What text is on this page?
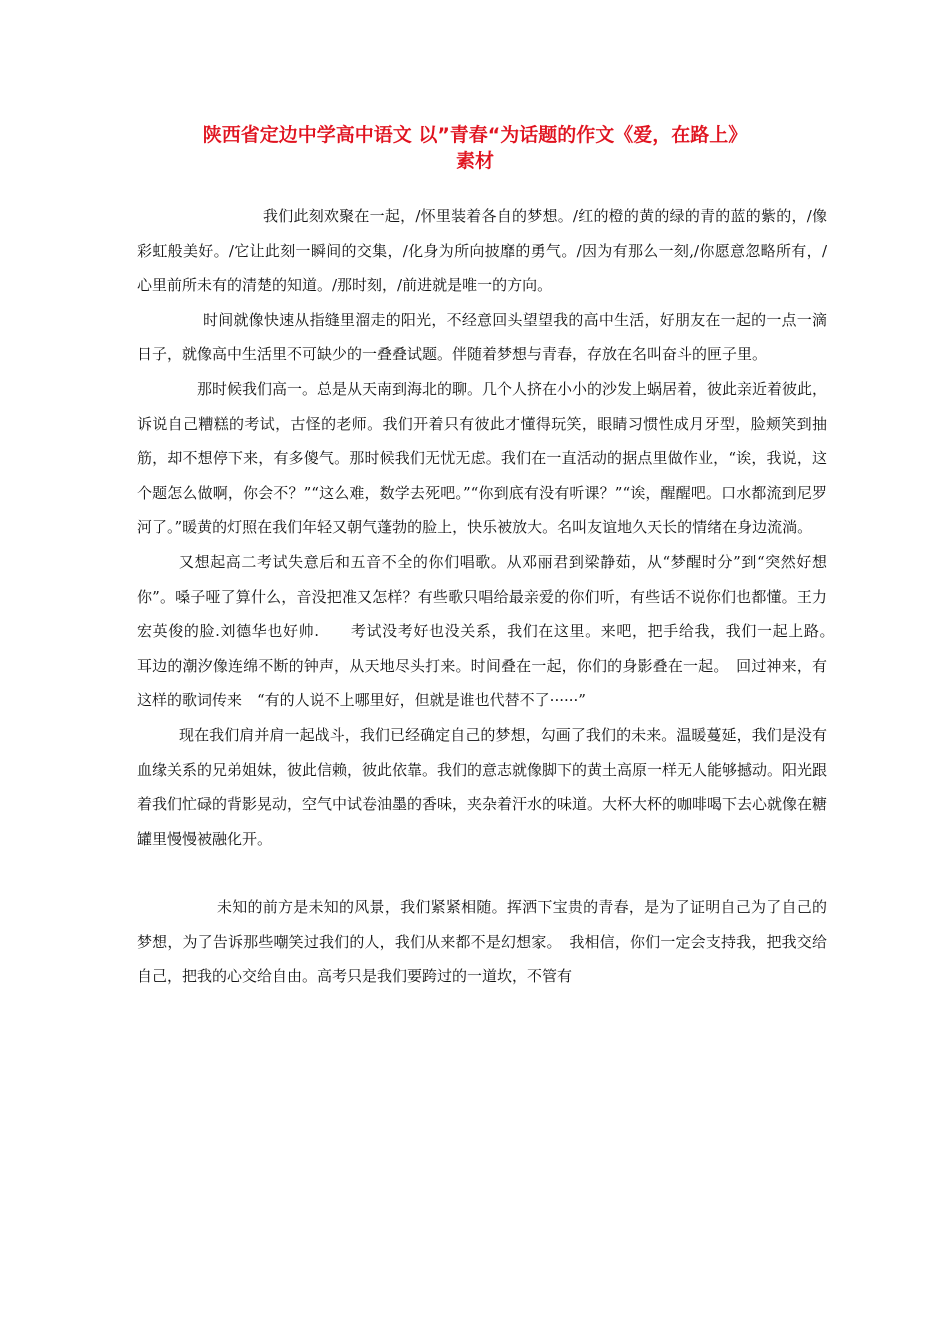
陕西省定边中学高中语文 以”青春“为话题的作文《爱，在路上》
素材

我们此刻欢聚在一起，/怀里装着各自的梦想。/红的橙的黄的绿的青的蓝的紫的，/像彩虹般美好。/它让此刻一瞬间的交集，/化身为所向披靡的勇气。/因为有那么一刻,/你愿意忽略所有，/心里前所未有的清楚的知道。/那时刻，/前进就是唯一的方向。

时间就像快速从指缝里溜走的阳光，不经意回头望望我的高中生活，好朋友在一起的一点一滴日子，就像高中生活里不可缺少的一叠叠试题。伴随着梦想与青春，存放在名叫奋斗的匣子里。

那时候我们高一。总是从天南到海北的聊。几个人挤在小小的沙发上蜗居着，彼此亲近着彼此，诉说自己糟糕的考试，古怪的老师。我们开着只有彼此才懂得玩笑，眼睛习惯性成月牙型，脸颊笑到抽筋，却不想停下来，有多傻气。那时候我们无忧无虑。我们在一直活动的据点里做作业，“诶，我说，这个题怎么做啊，你会不？”“这么难，数学去死吧。”“你到底有没有听课？”“诶，醒醒吧。口水都流到尼罗河了。”暖黄的灯照在我们年轻又朝气蓬勃的脸上，快乐被放大。名叫友谊地久天长的情绪在身边流淌。

又想起高二考试失意后和五音不全的你们唱歌。从邓丽君到梁静茹，从“梦醒时分”到“突然好想你”。嗓子哑了算什么，音没把准又怎样？有些歌只唱给最亲爱的你们听，有些话不说你们也都懂。王力宏英俊的脸.刘德华也好帅.　　考试没考好也没关系，我们在这里。来吧，把手给我，我们一起上路。　耳边的潮汐像连绵不断的钟声，从天地尽头打来。时间叠在一起，你们的身影叠在一起。　回过神来，有这样的歌词传来　“有的人说不上哪里好，但就是谁也代替不了······”

现在我们肩并肩一起战斗，我们已经确定自己的梦想，勾画了我们的未来。温暖蔓延，我们是没有血缘关系的兄弟姐妹，彼此信赖，彼此依靠。我们的意志就像脚下的黄土高原一样无人能够撼动。阳光跟着我们忙碌的背影晃动，空气中试卷油墨的香味，夹杂着汗水的味道。大杯大杯的咖啡喝下去心就像在糖罐里慢慢被融化开。

未知的前方是未知的风景，我们紧紧相随。挥洒下宝贵的青春，是为了证明自己为了自己的梦想，为了告诉那些嘲笑过我们的人，我们从来都不是幻想家。　我相信，你们一定会支持我，把我交给自己，把我的心交给自由。高考只是我们要跨过的一道坎，不管有
